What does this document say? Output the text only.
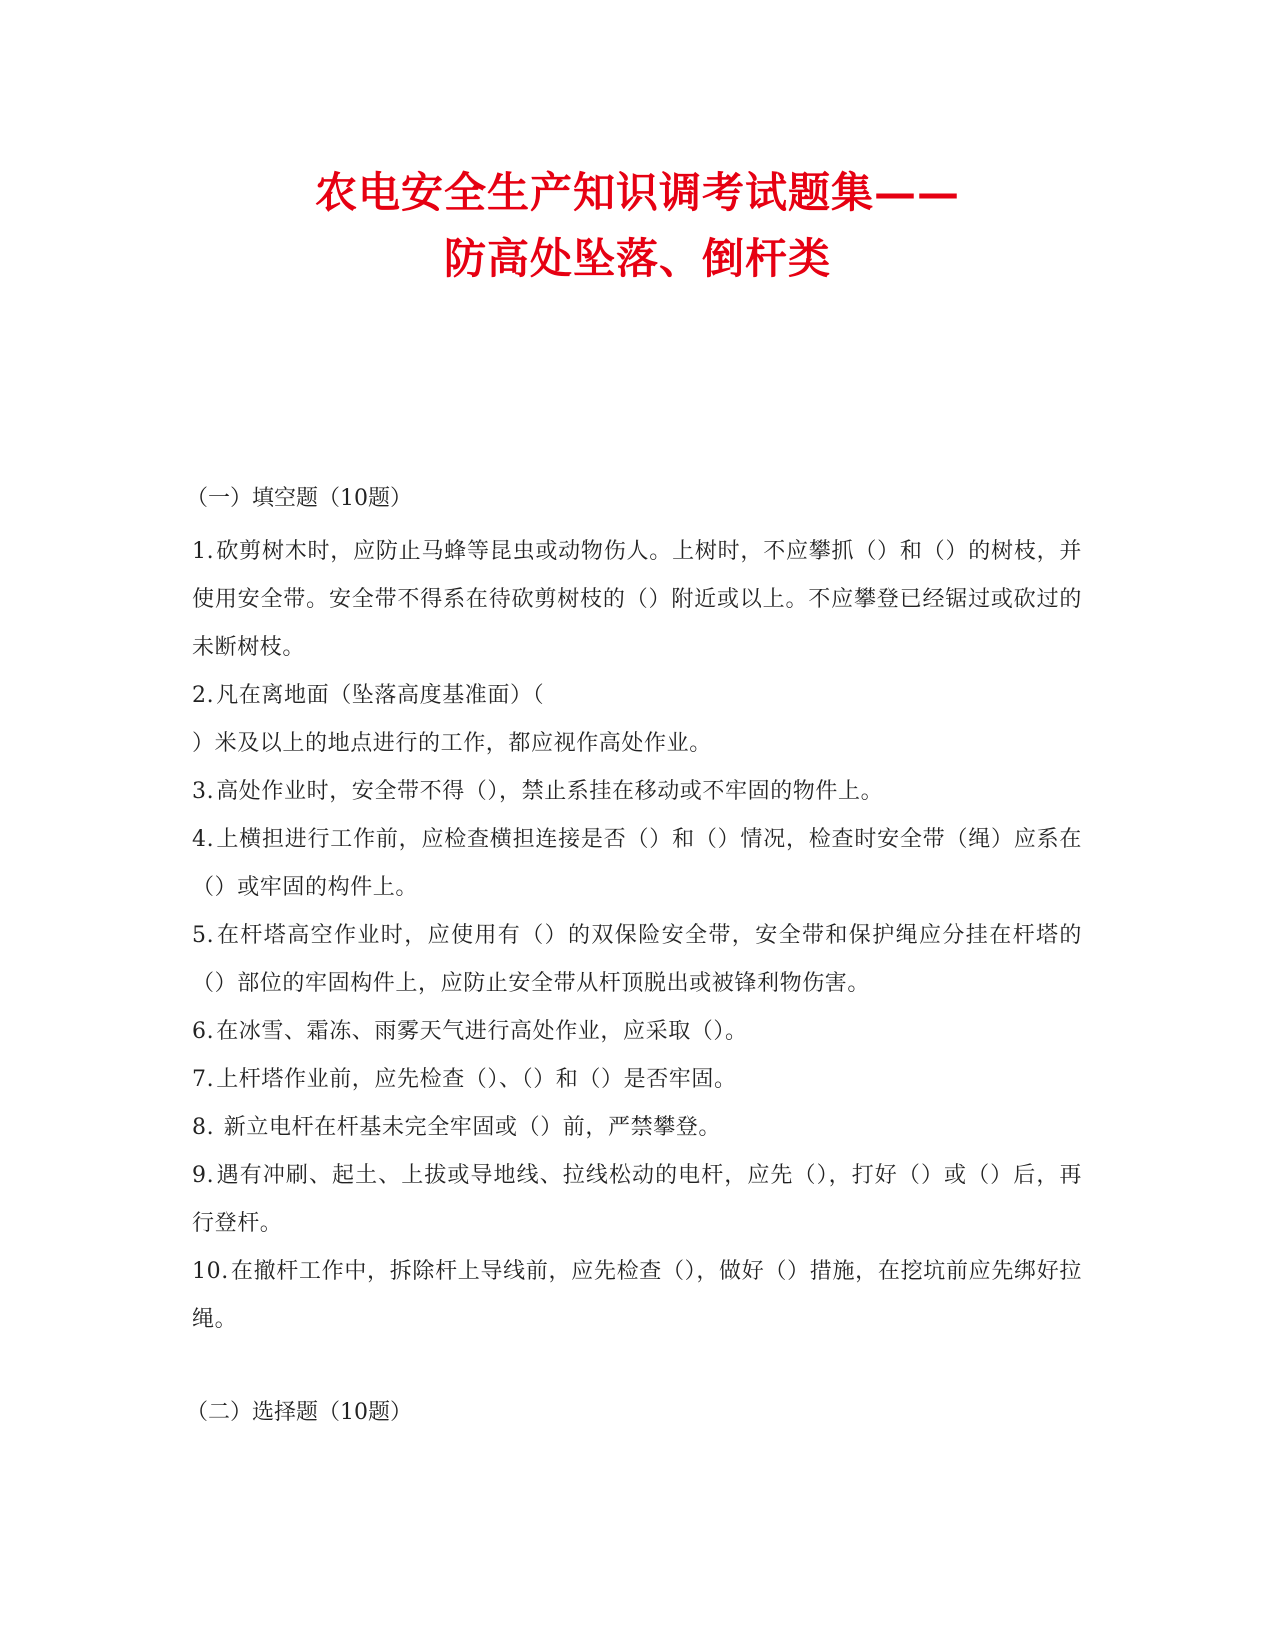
农电安全生产知识调考试题集——
防高处坠落、倒杆类
（一）填空题（10题）
1.砍剪树木时，应防止马蜂等昆虫或动物伤人。上树时，不应攀抓（）和（）的树枝，并使用安全带。安全带不得系在待砍剪树枝的（）附近或以上。不应攀登已经锯过或砍过的未断树枝。
2.凡在离地面（坠落高度基准面）（
）米及以上的地点进行的工作，都应视作高处作业。
3.高处作业时，安全带不得（），禁止系挂在移动或不牢固的物件上。
4.上横担进行工作前，应检查横担连接是否（）和（）情况，检查时安全带（绳）应系在（）或牢固的构件上。
5.在杆塔高空作业时，应使用有（）的双保险安全带，安全带和保护绳应分挂在杆塔的（）部位的牢固构件上，应防止安全带从杆顶脱出或被锋利物伤害。
6.在冰雪、霜冻、雨雾天气进行高处作业，应采取（）。
7.上杆塔作业前，应先检查（）、（）和（）是否牢固。
8. 新立电杆在杆基未完全牢固或（）前，严禁攀登。
9.遇有冲刷、起土、上拔或导地线、拉线松动的电杆，应先（），打好（）或（）后，再行登杆。
10.在撤杆工作中，拆除杆上导线前，应先检查（），做好（）措施，在挖坑前应先绑好拉绳。
（二）选择题（10题）
